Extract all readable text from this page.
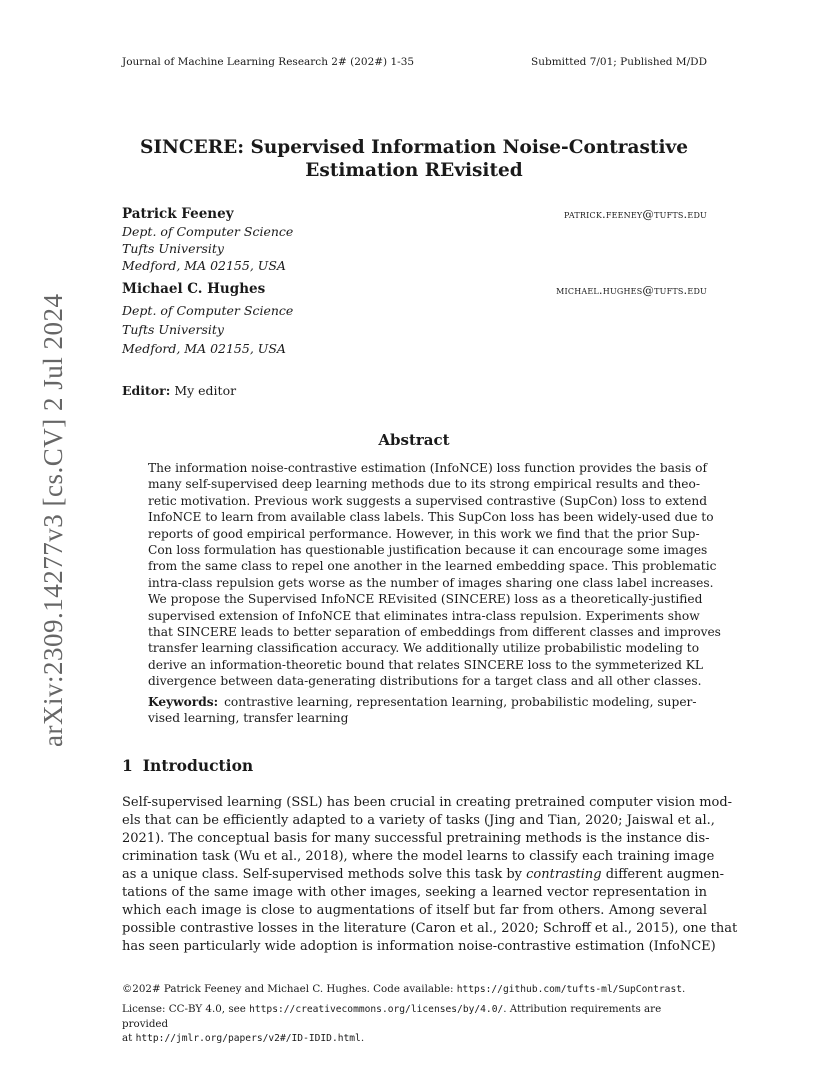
Journal of Machine Learning Research 2# (202#) 1-35	Submitted 7/01; Published M/DD
SINCERE: Supervised Information Noise-Contrastive
Estimation REvisited
Patrick Feeney	patrick.feeney@tufts.edu
Dept. of Computer Science
Tufts University
Medford, MA 02155, USA
Michael C. Hughes	michael.hughes@tufts.edu
Dept. of Computer Science
Tufts University
Medford, MA 02155, USA
Editor: My editor
Abstract
The information noise-contrastive estimation (InfoNCE) loss function provides the basis of
many self-supervised deep learning methods due to its strong empirical results and theo-
retic motivation. Previous work suggests a supervised contrastive (SupCon) loss to extend
InfoNCE to learn from available class labels. This SupCon loss has been widely-used due to
reports of good empirical performance. However, in this work we find that the prior Sup-
Con loss formulation has questionable justification because it can encourage some images
from the same class to repel one another in the learned embedding space. This problematic
intra-class repulsion gets worse as the number of images sharing one class label increases.
We propose the Supervised InfoNCE REvisited (SINCERE) loss as a theoretically-justified
supervised extension of InfoNCE that eliminates intra-class repulsion. Experiments show
that SINCERE leads to better separation of embeddings from different classes and improves
transfer learning classification accuracy. We additionally utilize probabilistic modeling to
derive an information-theoretic bound that relates SINCERE loss to the symmeterized KL
divergence between data-generating distributions for a target class and all other classes.
Keywords: contrastive learning, representation learning, probabilistic modeling, super-
vised learning, transfer learning
1 Introduction
Self-supervised learning (SSL) has been crucial in creating pretrained computer vision mod-
els that can be efficiently adapted to a variety of tasks (Jing and Tian, 2020; Jaiswal et al.,
2021). The conceptual basis for many successful pretraining methods is the instance dis-
crimination task (Wu et al., 2018), where the model learns to classify each training image
as a unique class. Self-supervised methods solve this task by contrasting different augmen-
tations of the same image with other images, seeking a learned vector representation in
which each image is close to augmentations of itself but far from others. Among several
possible contrastive losses in the literature (Caron et al., 2020; Schroff et al., 2015), one that
has seen particularly wide adoption is information noise-contrastive estimation (InfoNCE)
©202# Patrick Feeney and Michael C. Hughes. Code available: https://github.com/tufts-ml/SupContrast.
License: CC-BY 4.0, see https://creativecommons.org/licenses/by/4.0/. Attribution requirements are provided
at http://jmlr.org/papers/v2#/ID-IDID.html.
arXiv:2309.14277v3 [cs.CV] 2 Jul 2024
